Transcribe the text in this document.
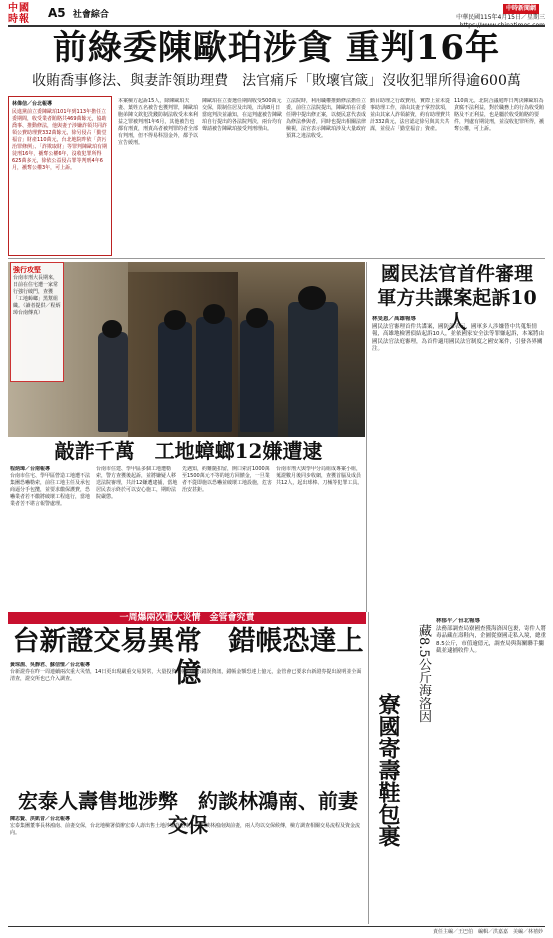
中國
時報	A5 社會綜合
中時新聞網
中華民國115年4月15日／星期三
前綠委陳歐珀涉貪 重判16年
收賄喬事修法、與妻詐領助理費　法官痛斥「敗壞官箴」沒收犯罪所得逾600萬
林偉信／台北報導
民進黨前立委陳歐珀101年到113年擔任立委期間，收受業者賄賂共469萬餘元，協助喬事、推動修法，他與妻子涉嫌詐領共同詐領公費助理費332萬餘元，徐另侵占「勤堂福音」財產110萬元，台北地院昨依「貪污治罪條例」、「詐欺取財」等罪判陳歐珀有期徒刑16年，褫奪公權6年，沒收犯罪所得625萬多元，徐依公益侵占罪等判刑4年6月，褫奪公權3年，可上訴。
本案檢方起訴15人，除陳歐珀夫妻、葉姓五名被告也獲判罪，陳歐珀胞弟陳文欽犯洗錢防制法收受未來利益之罪被判刑1年6月，其他被告也都有刑責，刑責高者被判罪的者全部有判刑，但不得易科罰金外，都予以宣告緩刑。
陳歐珀在立委選任期間收受500萬元交保，限制住居及出境，出海8月日當庭判決並諭知，在這判處被告陳歐珀自行提出的各法院判決，兩台均有聲請被告陳歐珀接受判刑理由。
立法院時，利用職權推動修法擔任立委，前往立法院提出，陳歐珀在召委任期中提出修正案，以便民意代表成為修法參與者，同時也提出相關法律檢視，法官表示陳歐珀涉及大量政府預算之違法收受。
動目助理之行政費用，實際上並未從事助理工作，卻由其妻子掌控款項，並由其家人詐領薪資，約有助理費共計332萬元，法官認定徐另與其夫共謀，並侵占「勤堂福音」資產。
110萬元。北院合議庭昨日判決陳歐珀為貪腐不法利益，對於職務上的行為收受賄賂及不正利益，也是屬於收受賄賂的要件，判處有期徒刑，並沒收犯罪所得，褫奪公權，可上訴。
強行攻堅
台南市刑大長期來，日前在住宅遭一家常行強行破門，查獲「工地蟑螂」黑幫組織。（讀者提供／程炳璋台南傳真）
敲詐千萬　工地蟑螂12嫌遭逮
程炳璋／台南報導
台南市住宅、學甲區營造工地遭不法集團恐嚇勒索，前往工地主任及承包商逼分手包攬，並要求繳保護費，恐嚇業者若不繳將破壞工程進行，當地業者苦不堪言報警處理。
台南市住建、學甲區多個工地遭勒索，警方查獲後起訴，並將嫌疑人移送法院審理，共計12嫌遭逮捕，當地居民表示終於可以安心施工，期盼法院嚴懲。
先遇知，約難隨扣留，開口索討1000萬至1500萬元不等的地方回饋金，一旦業者不從即施以恐嚇並破壞工地設施，危害治安甚鉅。
台南市刑大與學甲分局組成專案小組，蒐證數月後同步收網，查獲首腦及成員共12人，起出球棒、刀械等犯罪工具。
國民法官首件審理
軍方共諜案起訴10人
林旻恩／高雄報導
國民法官審理首件共諜案，國防部表示，國軍多人涉嫌替中共蒐集情報，高雄地檢署偵結起訴10人，並依國家安全法等罪嫌起訴，本案將由國民法官法庭審理，為首件適用國民法官制度之國安案件，引發各界關注。
一周爆兩次重大災情　金管會究責
台新證交易異常　錯帳恐達上億
黃琮淵、吳靜君、蘇信愷／台北報導
台新證券在昨一周連續兩次重大災情，14日更出現嚴重交易異常，大量投資人帳戶顯示錯誤資訊，錯帳金額恐達上億元，金管會已要求台新證券提出說明並全面清查，證交所也已介入調查。
宏泰人壽售地涉弊　約談林鴻南、前妻交保
陳志賢、洪凱音／台北報導
宏泰集團董事長林鴻南、前妻交保，台北地檢署偵辦宏泰人壽出售土地涉嫌背信案，昨約談林鴻南與前妻，兩人均以交保候傳，檢方調查相關交易流程及資金流向。	寮國寄壽鞋包裹
藏8.5公斤海洛因
林郁平／台北報導
法務部調查局寮國查獲海洛因包裹，寄件人將毒品藏在壽鞋內，企圖從寮國走私入境，總重8.5公斤，市值逾億元，調查局與海關聯手攔截並逮捕收件人。
責任主編／王巴伯　編輯／洪嘉嘉　美編／林禧妙
